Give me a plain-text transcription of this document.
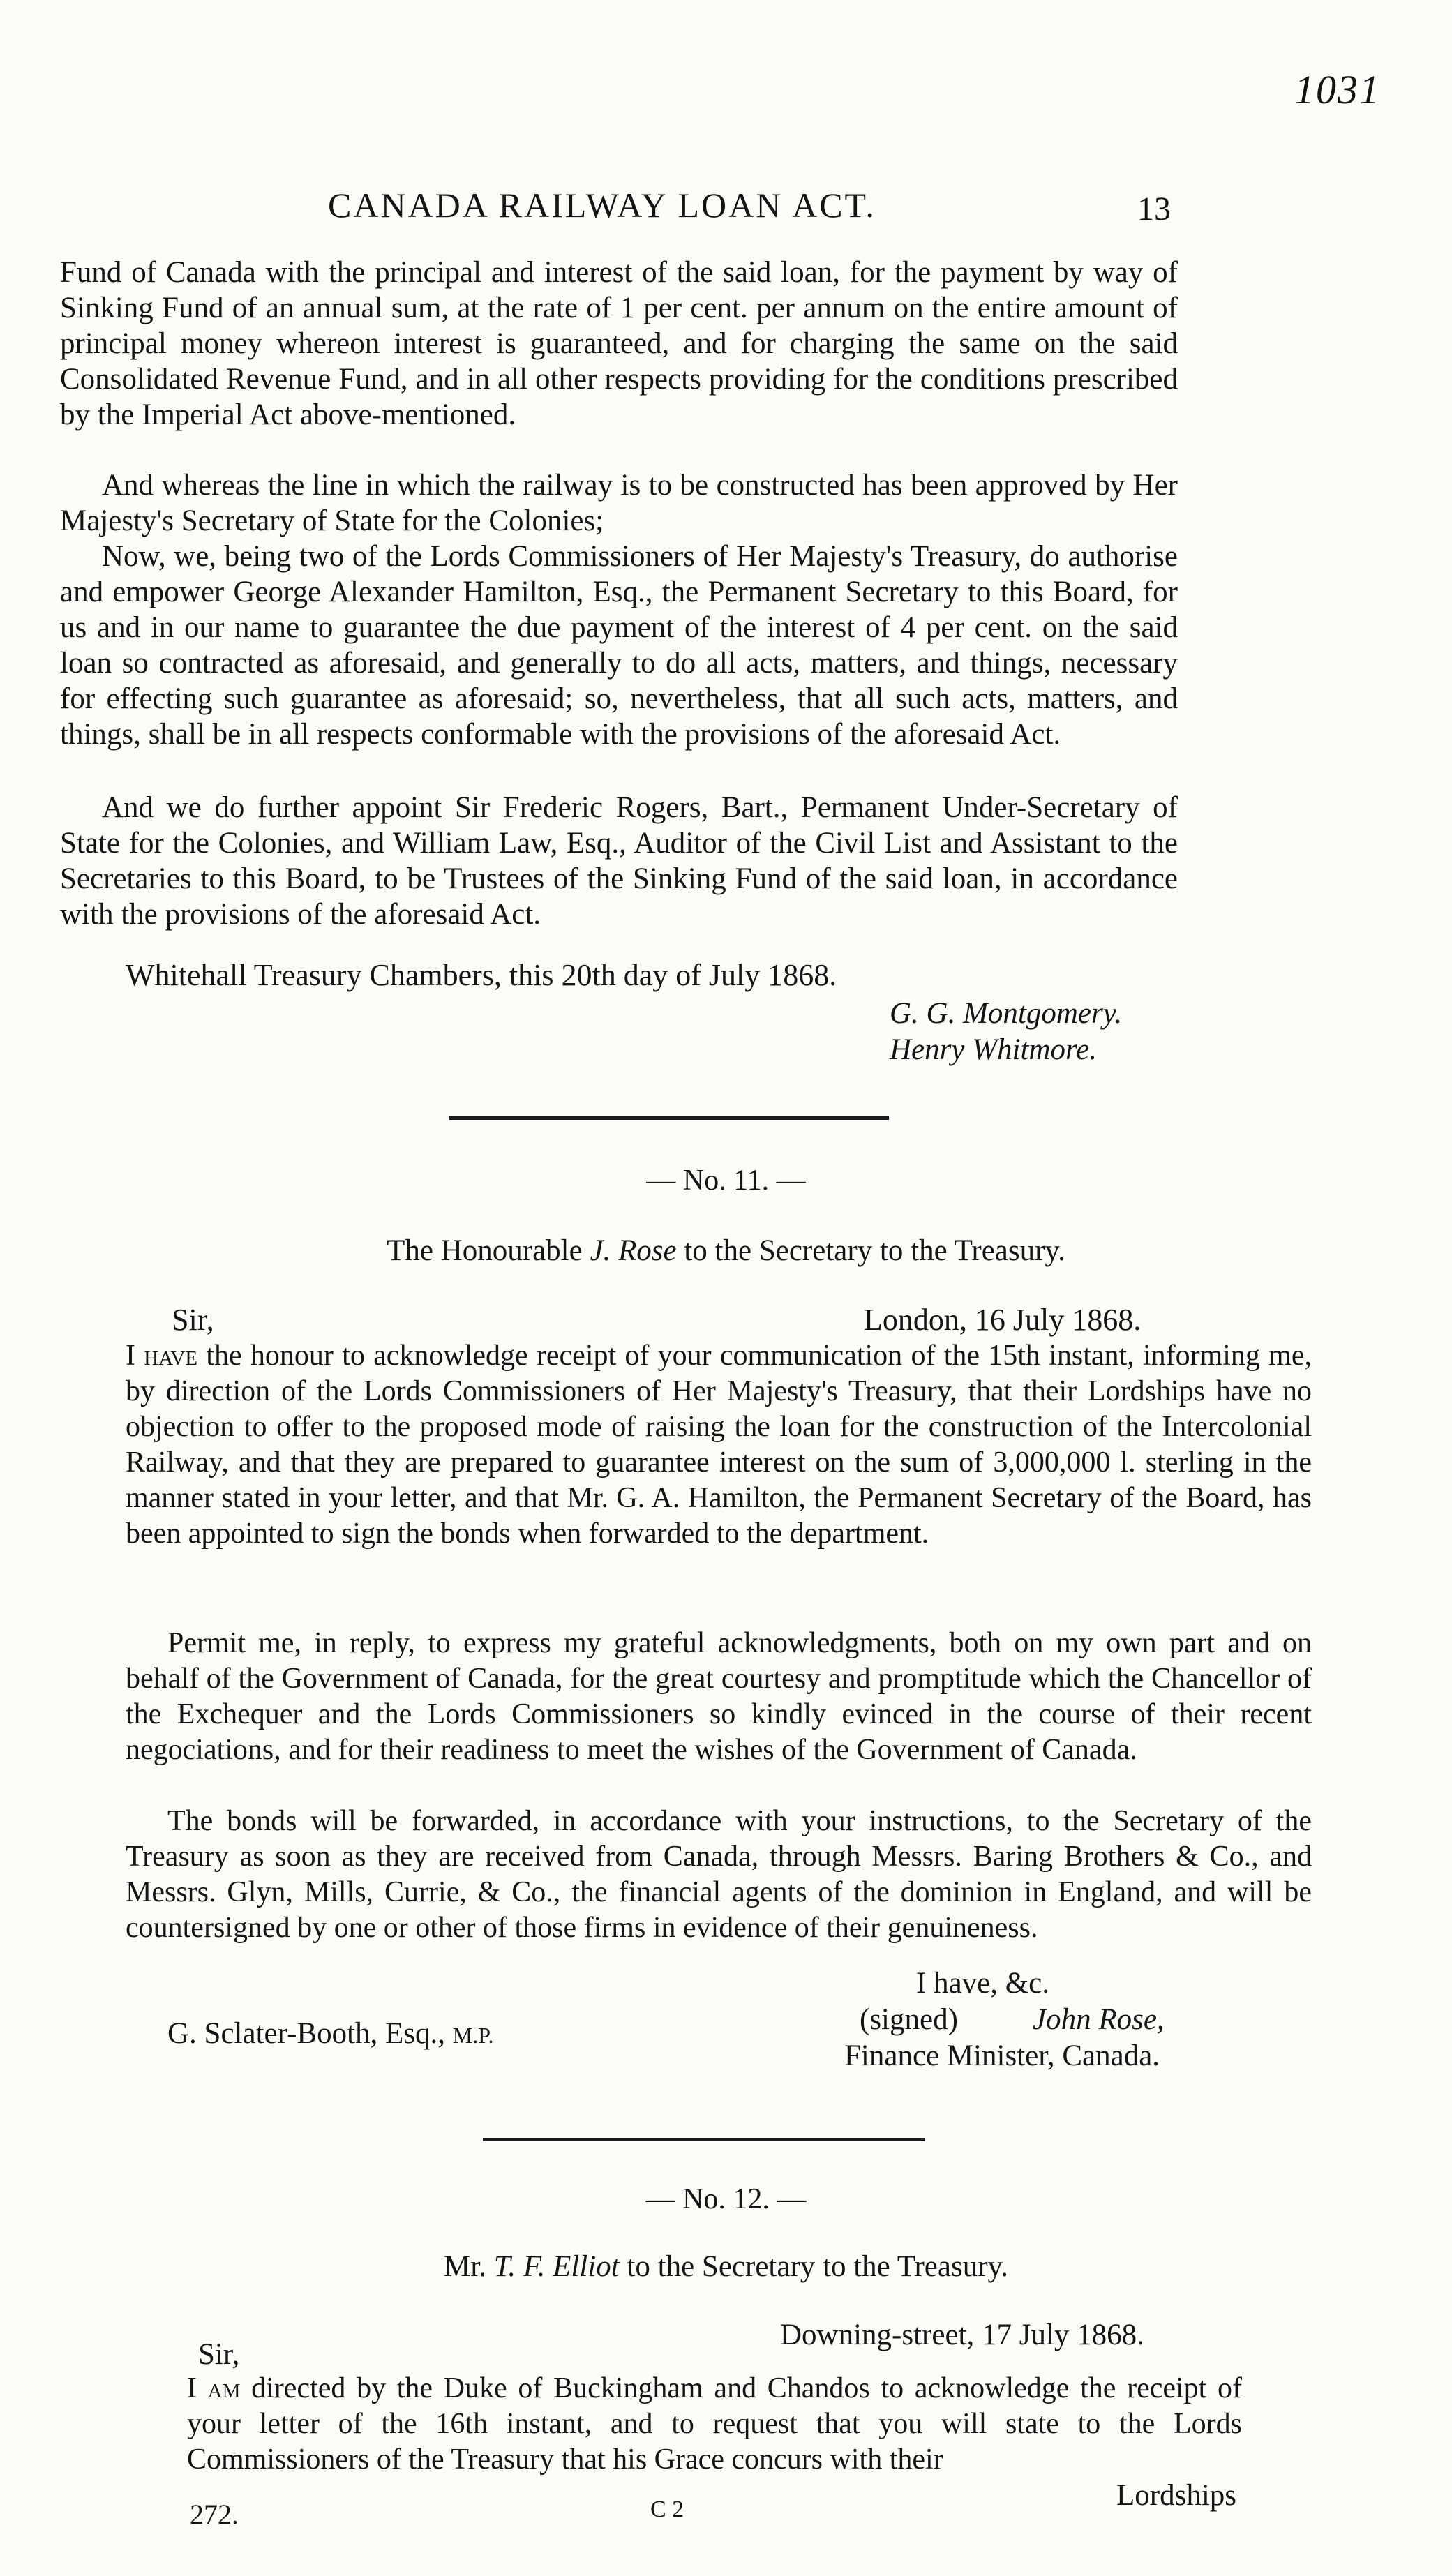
1031
CANADA RAILWAY LOAN ACT.	13
Fund of Canada with the principal and interest of the said loan, for the payment by way of Sinking Fund of an annual sum, at the rate of 1 per cent. per annum on the entire amount of principal money whereon interest is guaranteed, and for charging the same on the said Consolidated Revenue Fund, and in all other respects providing for the conditions prescribed by the Imperial Act above-mentioned.
And whereas the line in which the railway is to be constructed has been approved by Her Majesty's Secretary of State for the Colonies;
Now, we, being two of the Lords Commissioners of Her Majesty's Treasury, do authorise and empower George Alexander Hamilton, Esq., the Permanent Secretary to this Board, for us and in our name to guarantee the due payment of the interest of 4 per cent. on the said loan so contracted as aforesaid, and generally to do all acts, matters, and things, necessary for effecting such guarantee as aforesaid; so, nevertheless, that all such acts, matters, and things, shall be in all respects conformable with the provisions of the aforesaid Act.
And we do further appoint Sir Frederic Rogers, Bart., Permanent Under-Secretary of State for the Colonies, and William Law, Esq., Auditor of the Civil List and Assistant to the Secretaries to this Board, to be Trustees of the Sinking Fund of the said loan, in accordance with the provisions of the aforesaid Act.
Whitehall Treasury Chambers, this 20th day of July 1868.
G. G. Montgomery.
Henry Whitmore.
— No. 11. —
The Honourable J. Rose to the Secretary to the Treasury.
Sir,	London, 16 July 1868.
I have the honour to acknowledge receipt of your communication of the 15th instant, informing me, by direction of the Lords Commissioners of Her Majesty's Treasury, that their Lordships have no objection to offer to the proposed mode of raising the loan for the construction of the Intercolonial Railway, and that they are prepared to guarantee interest on the sum of 3,000,000 l. sterling in the manner stated in your letter, and that Mr. G. A. Hamilton, the Permanent Secretary of the Board, has been appointed to sign the bonds when forwarded to the department.
Permit me, in reply, to express my grateful acknowledgments, both on my own part and on behalf of the Government of Canada, for the great courtesy and promptitude which the Chancellor of the Exchequer and the Lords Commissioners so kindly evinced in the course of their recent negociations, and for their readiness to meet the wishes of the Government of Canada.
The bonds will be forwarded, in accordance with your instructions, to the Secretary of the Treasury as soon as they are received from Canada, through Messrs. Baring Brothers & Co., and Messrs. Glyn, Mills, Currie, & Co., the financial agents of the dominion in England, and will be countersigned by one or other of those firms in evidence of their genuineness.
I have, &c.
(signed) John Rose,
Finance Minister, Canada.
G. Sclater-Booth, Esq., M.P.
— No. 12. —
Mr. T. F. Elliot to the Secretary to the Treasury.
Downing-street, 17 July 1868.
Sir,
I am directed by the Duke of Buckingham and Chandos to acknowledge the receipt of your letter of the 16th instant, and to request that you will state to the Lords Commissioners of the Treasury that his Grace concurs with their
Lordships
272.	C 2
